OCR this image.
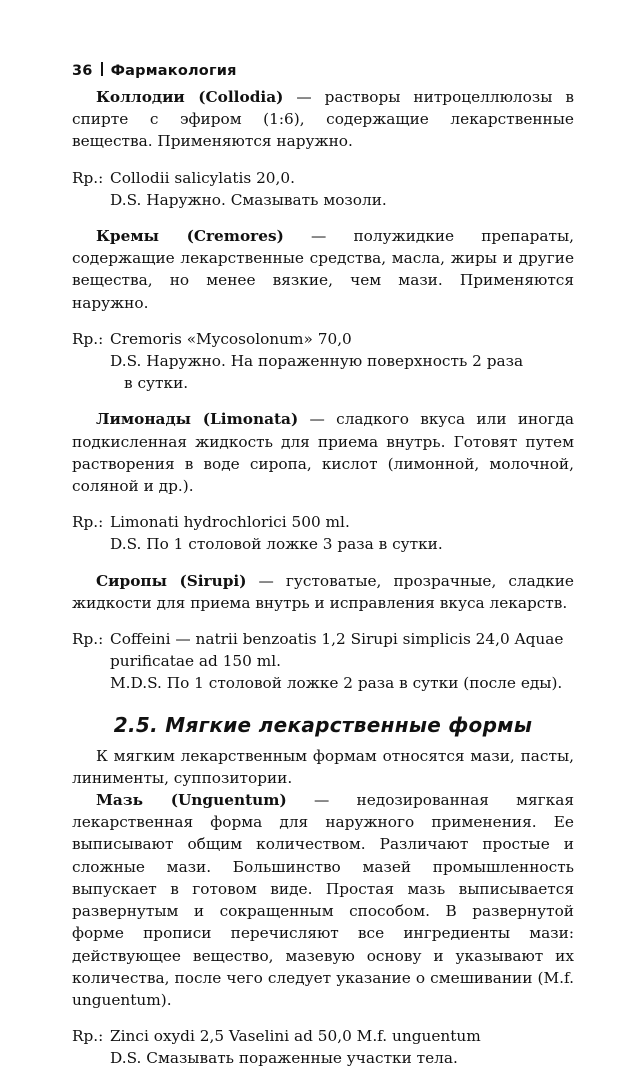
36 Фармакология

Коллодии (Collodia) — растворы нитроцеллюлозы в спирте с эфиром (1:6), содержащие лекарственные вещества. Применяются наружно.

Rp.: Collodii salicylatis 20,0.
D.S. Наружно. Смазывать мозоли.

Кремы (Cremores) — полужидкие препараты, содержащие лекарственные средства, масла, жиры и другие вещества, но менее вязкие, чем мази. Применяются наружно.

Rp.: Cremoris «Mycosolonum» 70,0
D.S. Наружно. На пораженную поверхность 2 раза
в сутки.

Лимонады (Limonata) — сладкого вкуса или иногда подкисленная жидкость для приема внутрь. Готовят путем растворения в воде сиропа, кислот (лимонной, молочной, соляной и др.).

Rp.: Limonati hydrochlorici 500 ml.
D.S. По 1 столовой ложке 3 раза в сутки.

Сиропы (Sirupi) — густоватые, прозрачные, сладкие жидкости для приема внутрь и исправления вкуса лекарств.

Rp.: Coffeini — natrii benzoatis 1,2 Sirupi simplicis 24,0 Aquae
purificatae ad 150 ml.
M.D.S. По 1 столовой ложке 2 раза в сутки (после еды).
2.5. Мягкие лекарственные формы

К мягким лекарственным формам относятся мази, пасты, линименты, суппозитории.

Мазь (Unguentum) — недозированная мягкая лекарственная форма для наружного применения. Ее выписывают общим количеством. Различают простые и сложные мази. Большинство мазей промышленность выпускает в готовом виде. Простая мазь выписывается развернутым и сокращенным способом. В развернутой форме прописи перечисляют все ингредиенты мази: действующее вещество, мазевую основу и указывают их количества, после чего следует указание о смешивании (M.f. unguentum).

Rp.: Zinci oxydi 2,5 Vaselini ad 50,0 M.f. unguentum
D.S. Смазывать пораженные участки тела.
